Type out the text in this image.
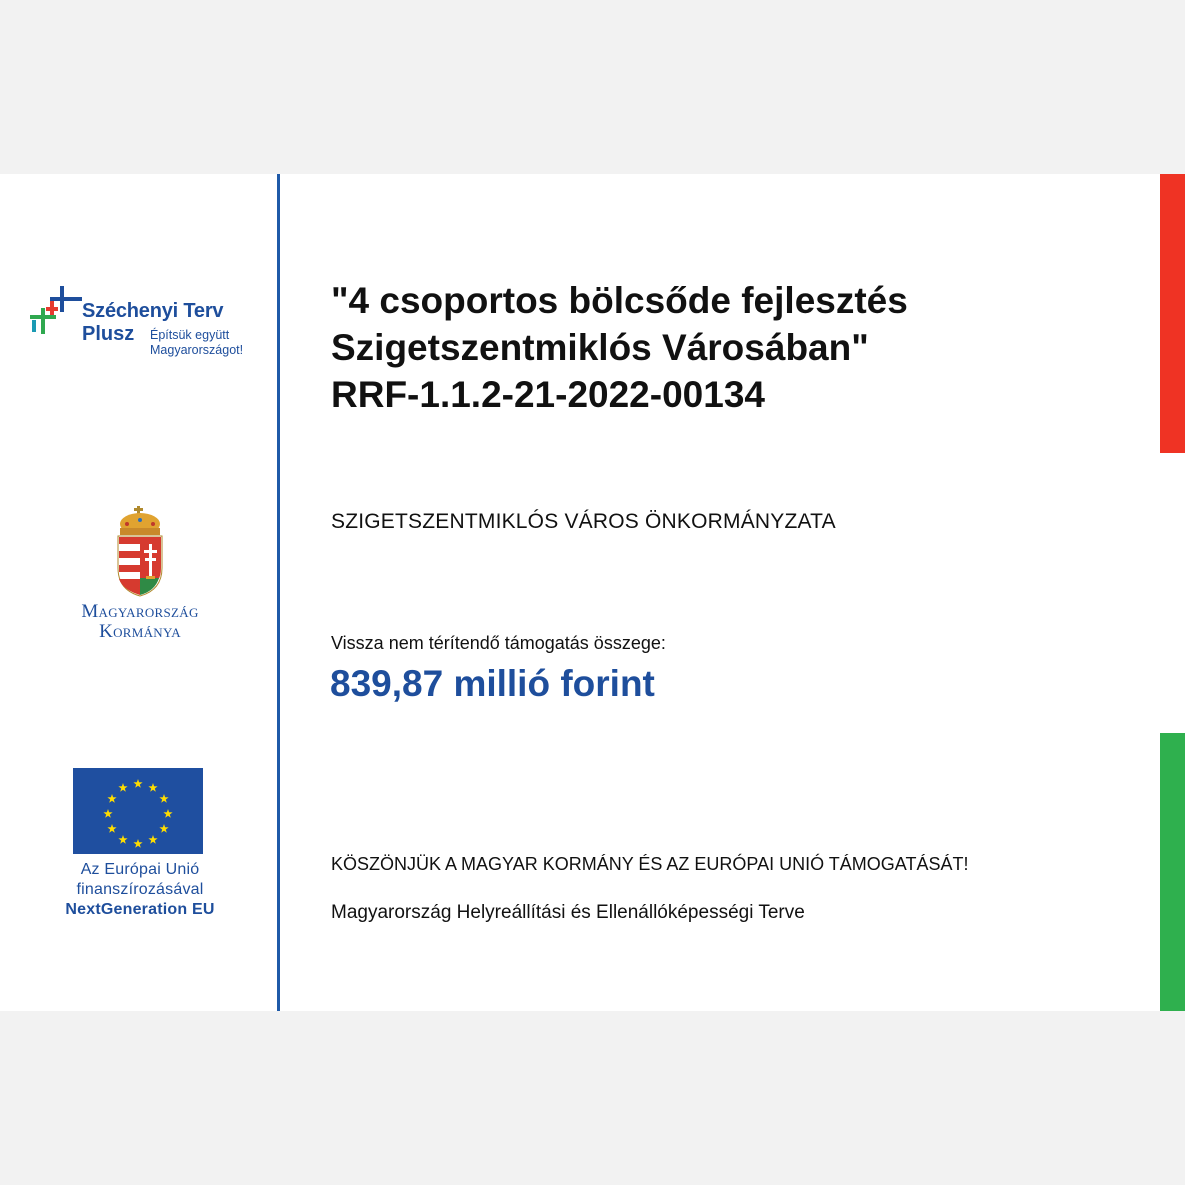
Széchenyi Terv
Plusz Építsük együtt
Magyarországot!
Magyarország
Kormánya
Az Európai Unió
finanszírozásával
NextGeneration EU
"4 csoportos bölcsőde fejlesztés
Szigetszentmiklós Városában"
RRF-1.1.2-21-2022-00134
SZIGETSZENTMIKLÓS VÁROS ÖNKORMÁNYZATA
Vissza nem térítendő támogatás összege:
839,87 millió forint
KÖSZÖNJÜK A MAGYAR KORMÁNY ÉS AZ EURÓPAI UNIÓ TÁMOGATÁSÁT!
Magyarország Helyreállítási és Ellenállóképességi Terve
